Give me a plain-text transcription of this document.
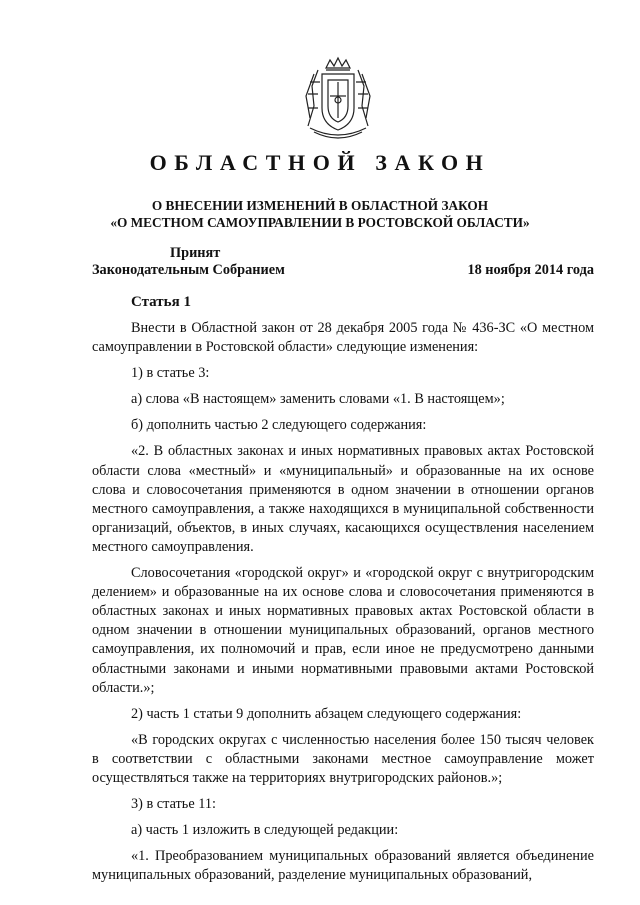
ОБЛАСТНОЙ ЗАКОН
О ВНЕСЕНИИ ИЗМЕНЕНИЙ В ОБЛАСТНОЙ ЗАКОН
«О МЕСТНОМ САМОУПРАВЛЕНИИ В РОСТОВСКОЙ ОБЛАСТИ»
Принят
Законодательным Собранием	18 ноября 2014 года
Статья 1

Внести в Областной закон от 28 декабря 2005 года № 436-ЗС «О местном самоуправлении в Ростовской области» следующие изменения:

1) в статье 3:

а) слова «В настоящем» заменить словами «1. В настоящем»;

б) дополнить частью 2 следующего содержания:

«2. В областных законах и иных нормативных правовых актах Ростовской области слова «местный» и «муниципальный» и образованные на их основе слова и словосочетания применяются в одном значении в отношении органов местного самоуправления, а также находящихся в муниципальной собственности организаций, объектов, в иных случаях, касающихся осуществления населением местного самоуправления.

Словосочетания «городской округ» и «городской округ с внутригородским делением» и образованные на их основе слова и словосочетания применяются в областных законах и иных нормативных правовых актах Ростовской области в одном значении в отношении муниципальных образований, органов местного самоуправления, их полномочий и прав, если иное не предусмотрено данными областными законами и иными нормативными правовыми актами Ростовской области.»;

2) часть 1 статьи 9 дополнить абзацем следующего содержания:

«В городских округах с численностью населения более 150 тысяч человек в соответствии с областными законами местное самоуправление может осуществляться также на территориях внутригородских районов.»;

3) в статье 11:

а) часть 1 изложить в следующей редакции:

«1. Преобразованием муниципальных образований является объединение муниципальных образований, разделение муниципальных образований,
